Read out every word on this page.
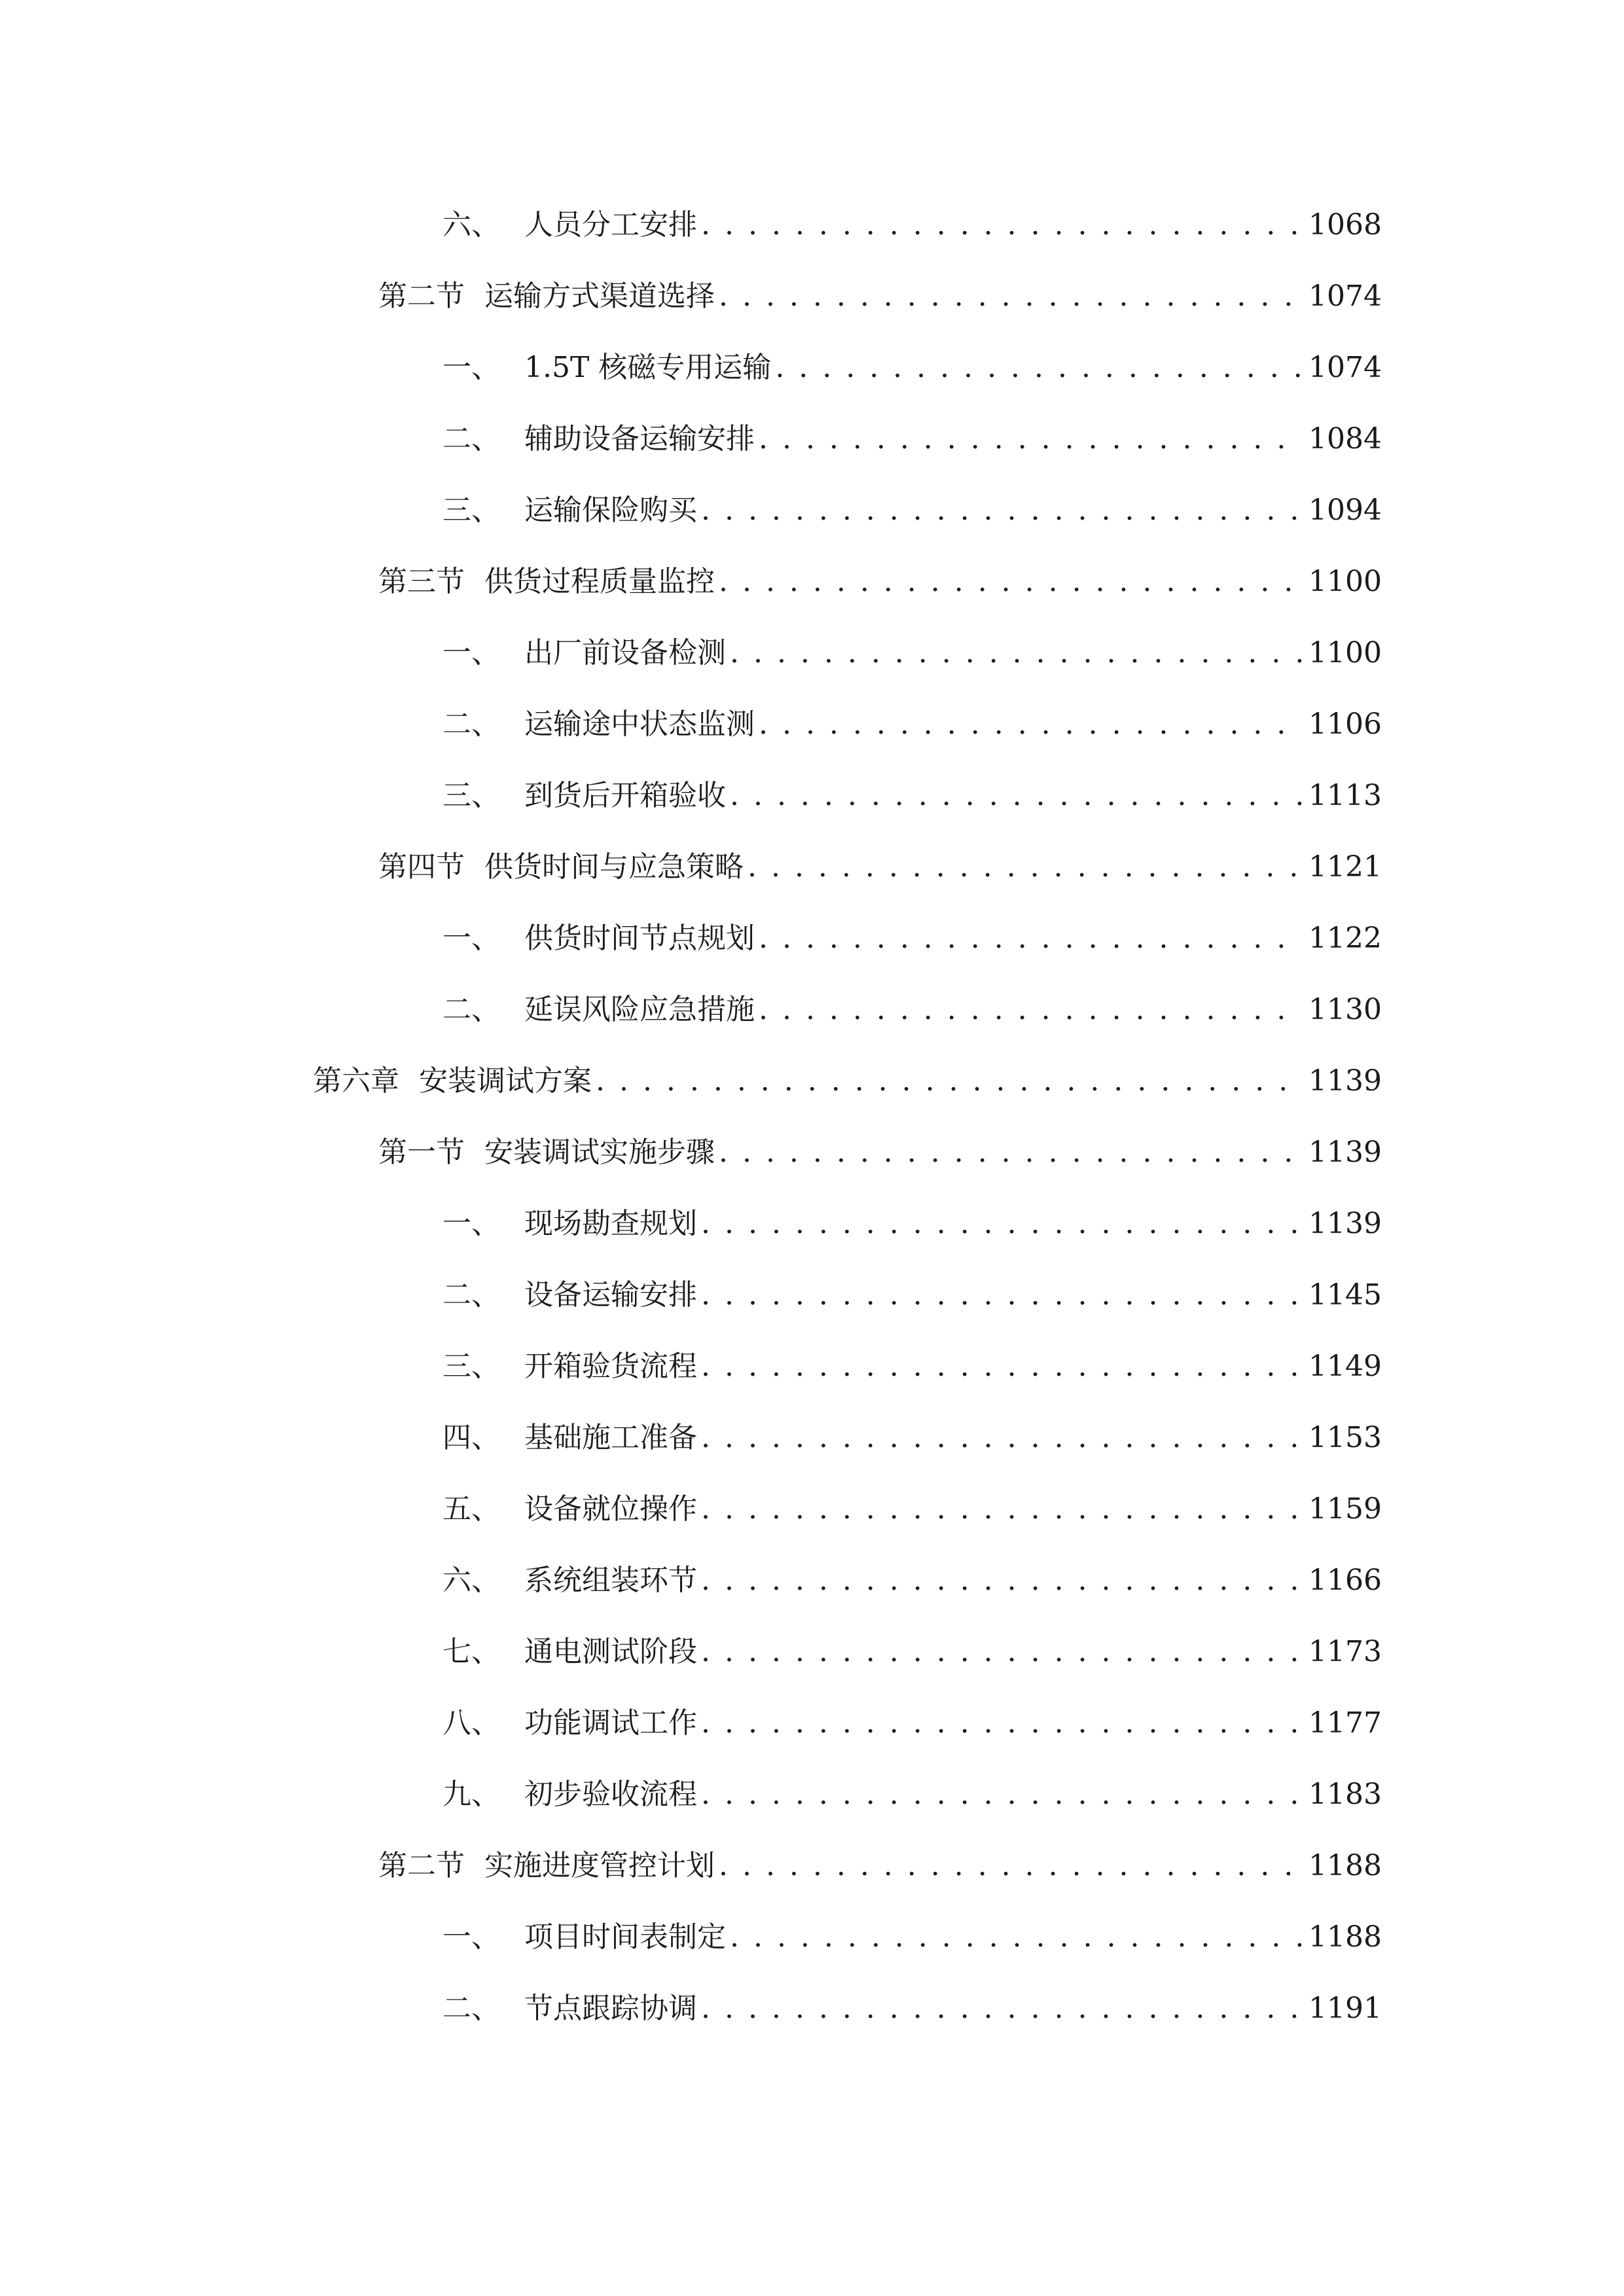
六、 人员分工安排 . . .	1068
第二节 运输方式渠道选择 . . .	1074
一、 1.5T 核磁专用运输 . . .	1074
二、 辅助设备运输安排 . . .	1084
三、 运输保险购买 . . .	1094
第三节 供货过程质量监控 . . .	1100
一、 出厂前设备检测 . . .	1100
二、 运输途中状态监测 . . .	1106
三、 到货后开箱验收 . . .	1113
第四节 供货时间与应急策略 . . .	1121
一、 供货时间节点规划 . . .	1122
二、 延误风险应急措施 . . .	1130
第六章 安装调试方案 . . .	1139
第一节 安装调试实施步骤 . . .	1139
一、 现场勘查规划 . . .	1139
二、 设备运输安排 . . .	1145
三、 开箱验货流程 . . .	1149
四、 基础施工准备 . . .	1153
五、 设备就位操作 . . .	1159
六、 系统组装环节 . . .	1166
七、 通电测试阶段 . . .	1173
八、 功能调试工作 . . .	1177
九、 初步验收流程 . . .	1183
第二节 实施进度管控计划 . . .	1188
一、 项目时间表制定 . . .	1188
二、 节点跟踪协调 . . .	1191
